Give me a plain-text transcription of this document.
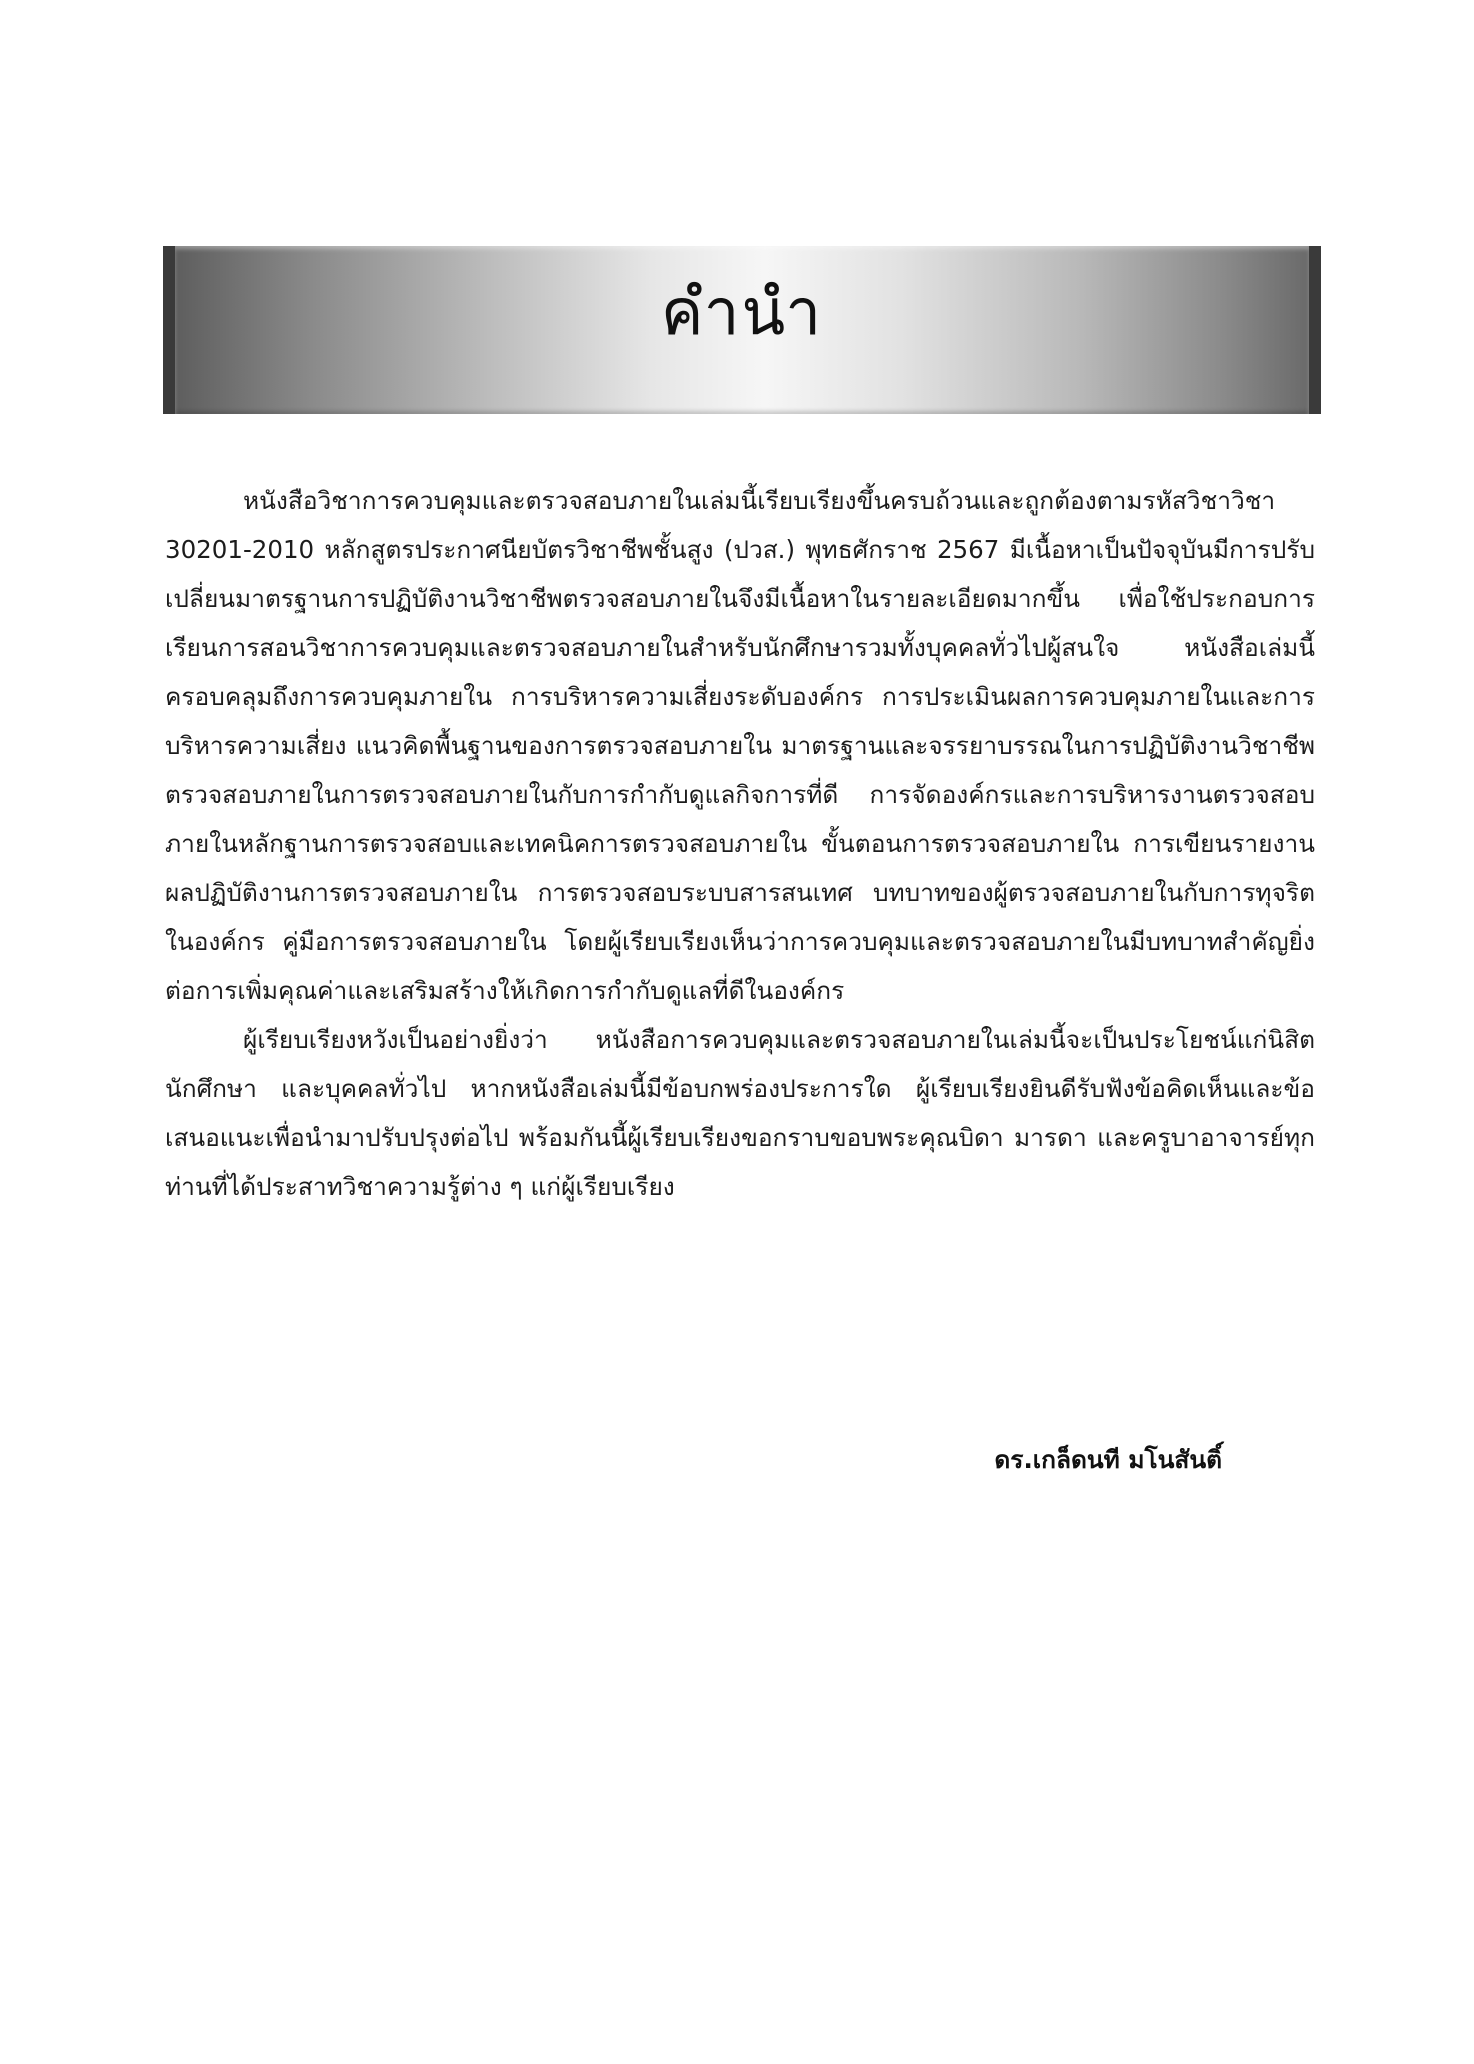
คำนำ

หนังสือวิชาการควบคุมและตรวจสอบภายในเล่มนี้เรียบเรียงขึ้นครบถ้วนและถูกต้องตามรหัสวิชาวิชา 30201-2010 หลักสูตรประกาศนียบัตรวิชาชีพชั้นสูง (ปวส.) พุทธศักราช 2567 มีเนื้อหาเป็นปัจจุบันมีการปรับเปลี่ยนมาตรฐานการปฏิบัติงานวิชาชีพตรวจสอบภายในจึงมีเนื้อหาในรายละเอียดมากขึ้น เพื่อใช้ประกอบการเรียนการสอนวิชาการควบคุมและตรวจสอบภายในสำหรับนักศึกษารวมทั้งบุคคลทั่วไปผู้สนใจ หนังสือเล่มนี้ครอบคลุมถึงการควบคุมภายใน การบริหารความเสี่ยงระดับองค์กร การประเมินผลการควบคุมภายในและการบริหารความเสี่ยง แนวคิดพื้นฐานของการตรวจสอบภายใน มาตรฐานและจรรยาบรรณในการปฏิบัติงานวิชาชีพตรวจสอบภายในการตรวจสอบภายในกับการกำกับดูแลกิจการที่ดี การจัดองค์กรและการบริหารงานตรวจสอบภายในหลักฐานการตรวจสอบและเทคนิคการตรวจสอบภายใน ขั้นตอนการตรวจสอบภายใน การเขียนรายงานผลปฏิบัติงานการตรวจสอบภายใน การตรวจสอบระบบสารสนเทศ บทบาทของผู้ตรวจสอบภายในกับการทุจริตในองค์กร คู่มือการตรวจสอบภายใน โดยผู้เรียบเรียงเห็นว่าการควบคุมและตรวจสอบภายในมีบทบาทสำคัญยิ่งต่อการเพิ่มคุณค่าและเสริมสร้างให้เกิดการกำกับดูแลที่ดีในองค์กร

ผู้เรียบเรียงหวังเป็นอย่างยิ่งว่า หนังสือการควบคุมและตรวจสอบภายในเล่มนี้จะเป็นประโยชน์แก่นิสิต นักศึกษา และบุคคลทั่วไป หากหนังสือเล่มนี้มีข้อบกพร่องประการใด ผู้เรียบเรียงยินดีรับฟังข้อคิดเห็นและข้อเสนอแนะเพื่อนำมาปรับปรุงต่อไป พร้อมกันนี้ผู้เรียบเรียงขอกราบขอบพระคุณบิดา มารดา และครูบาอาจารย์ทุกท่านที่ได้ประสาทวิชาความรู้ต่าง ๆ แก่ผู้เรียบเรียง

ดร.เกล็ดนที มโนสันติ์
